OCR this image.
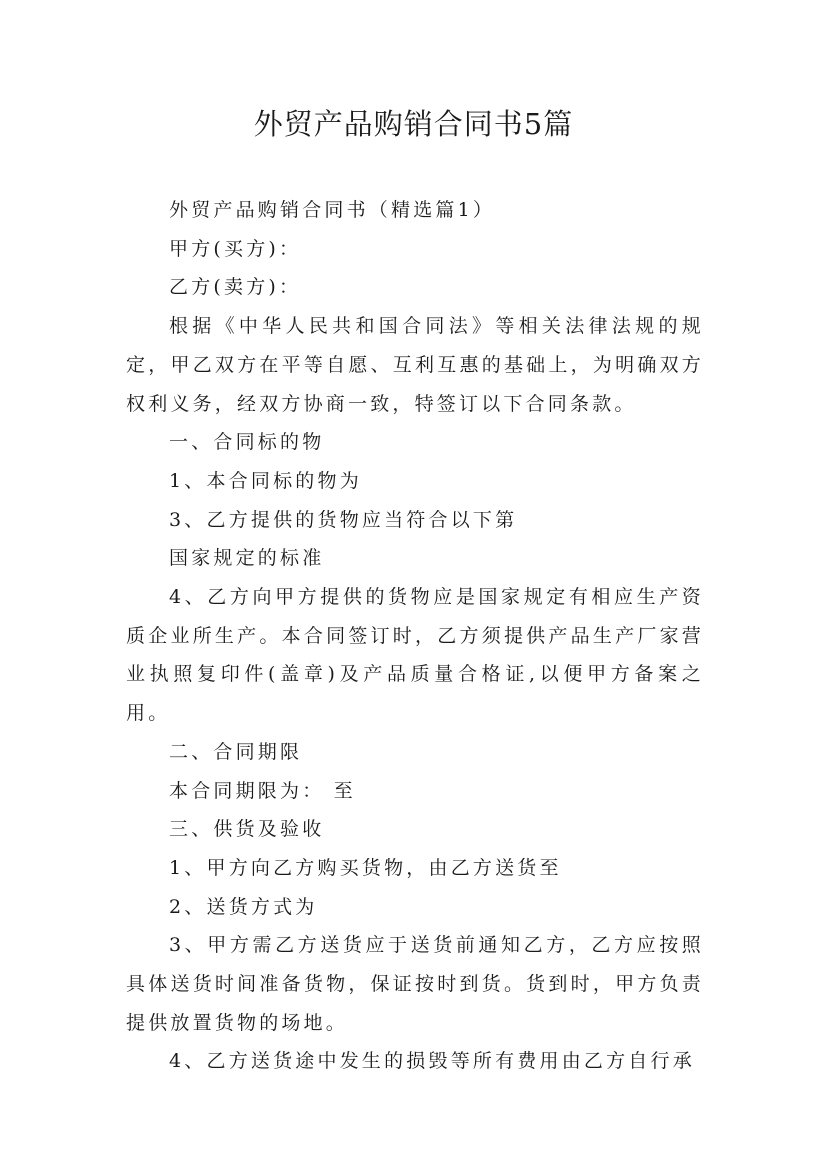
外贸产品购销合同书5篇

外贸产品购销合同书（精选篇1）

甲方(买方)：

乙方(卖方)：

根据《中华人民共和国合同法》等相关法律法规的规定，甲乙双方在平等自愿、互利互惠的基础上，为明确双方权利义务，经双方协商一致，特签订以下合同条款。

一、合同标的物

1、本合同标的物为

3、乙方提供的货物应当符合以下第

国家规定的标准

4、乙方向甲方提供的货物应是国家规定有相应生产资质企业所生产。本合同签订时，乙方须提供产品生产厂家营业执照复印件(盖章)及产品质量合格证,以便甲方备案之用。

二、合同期限

本合同期限为： 至

三、供货及验收

1、甲方向乙方购买货物，由乙方送货至

2、送货方式为

3、甲方需乙方送货应于送货前通知乙方，乙方应按照具体送货时间准备货物，保证按时到货。货到时，甲方负责提供放置货物的场地。

4、乙方送货途中发生的损毁等所有费用由乙方自行承
